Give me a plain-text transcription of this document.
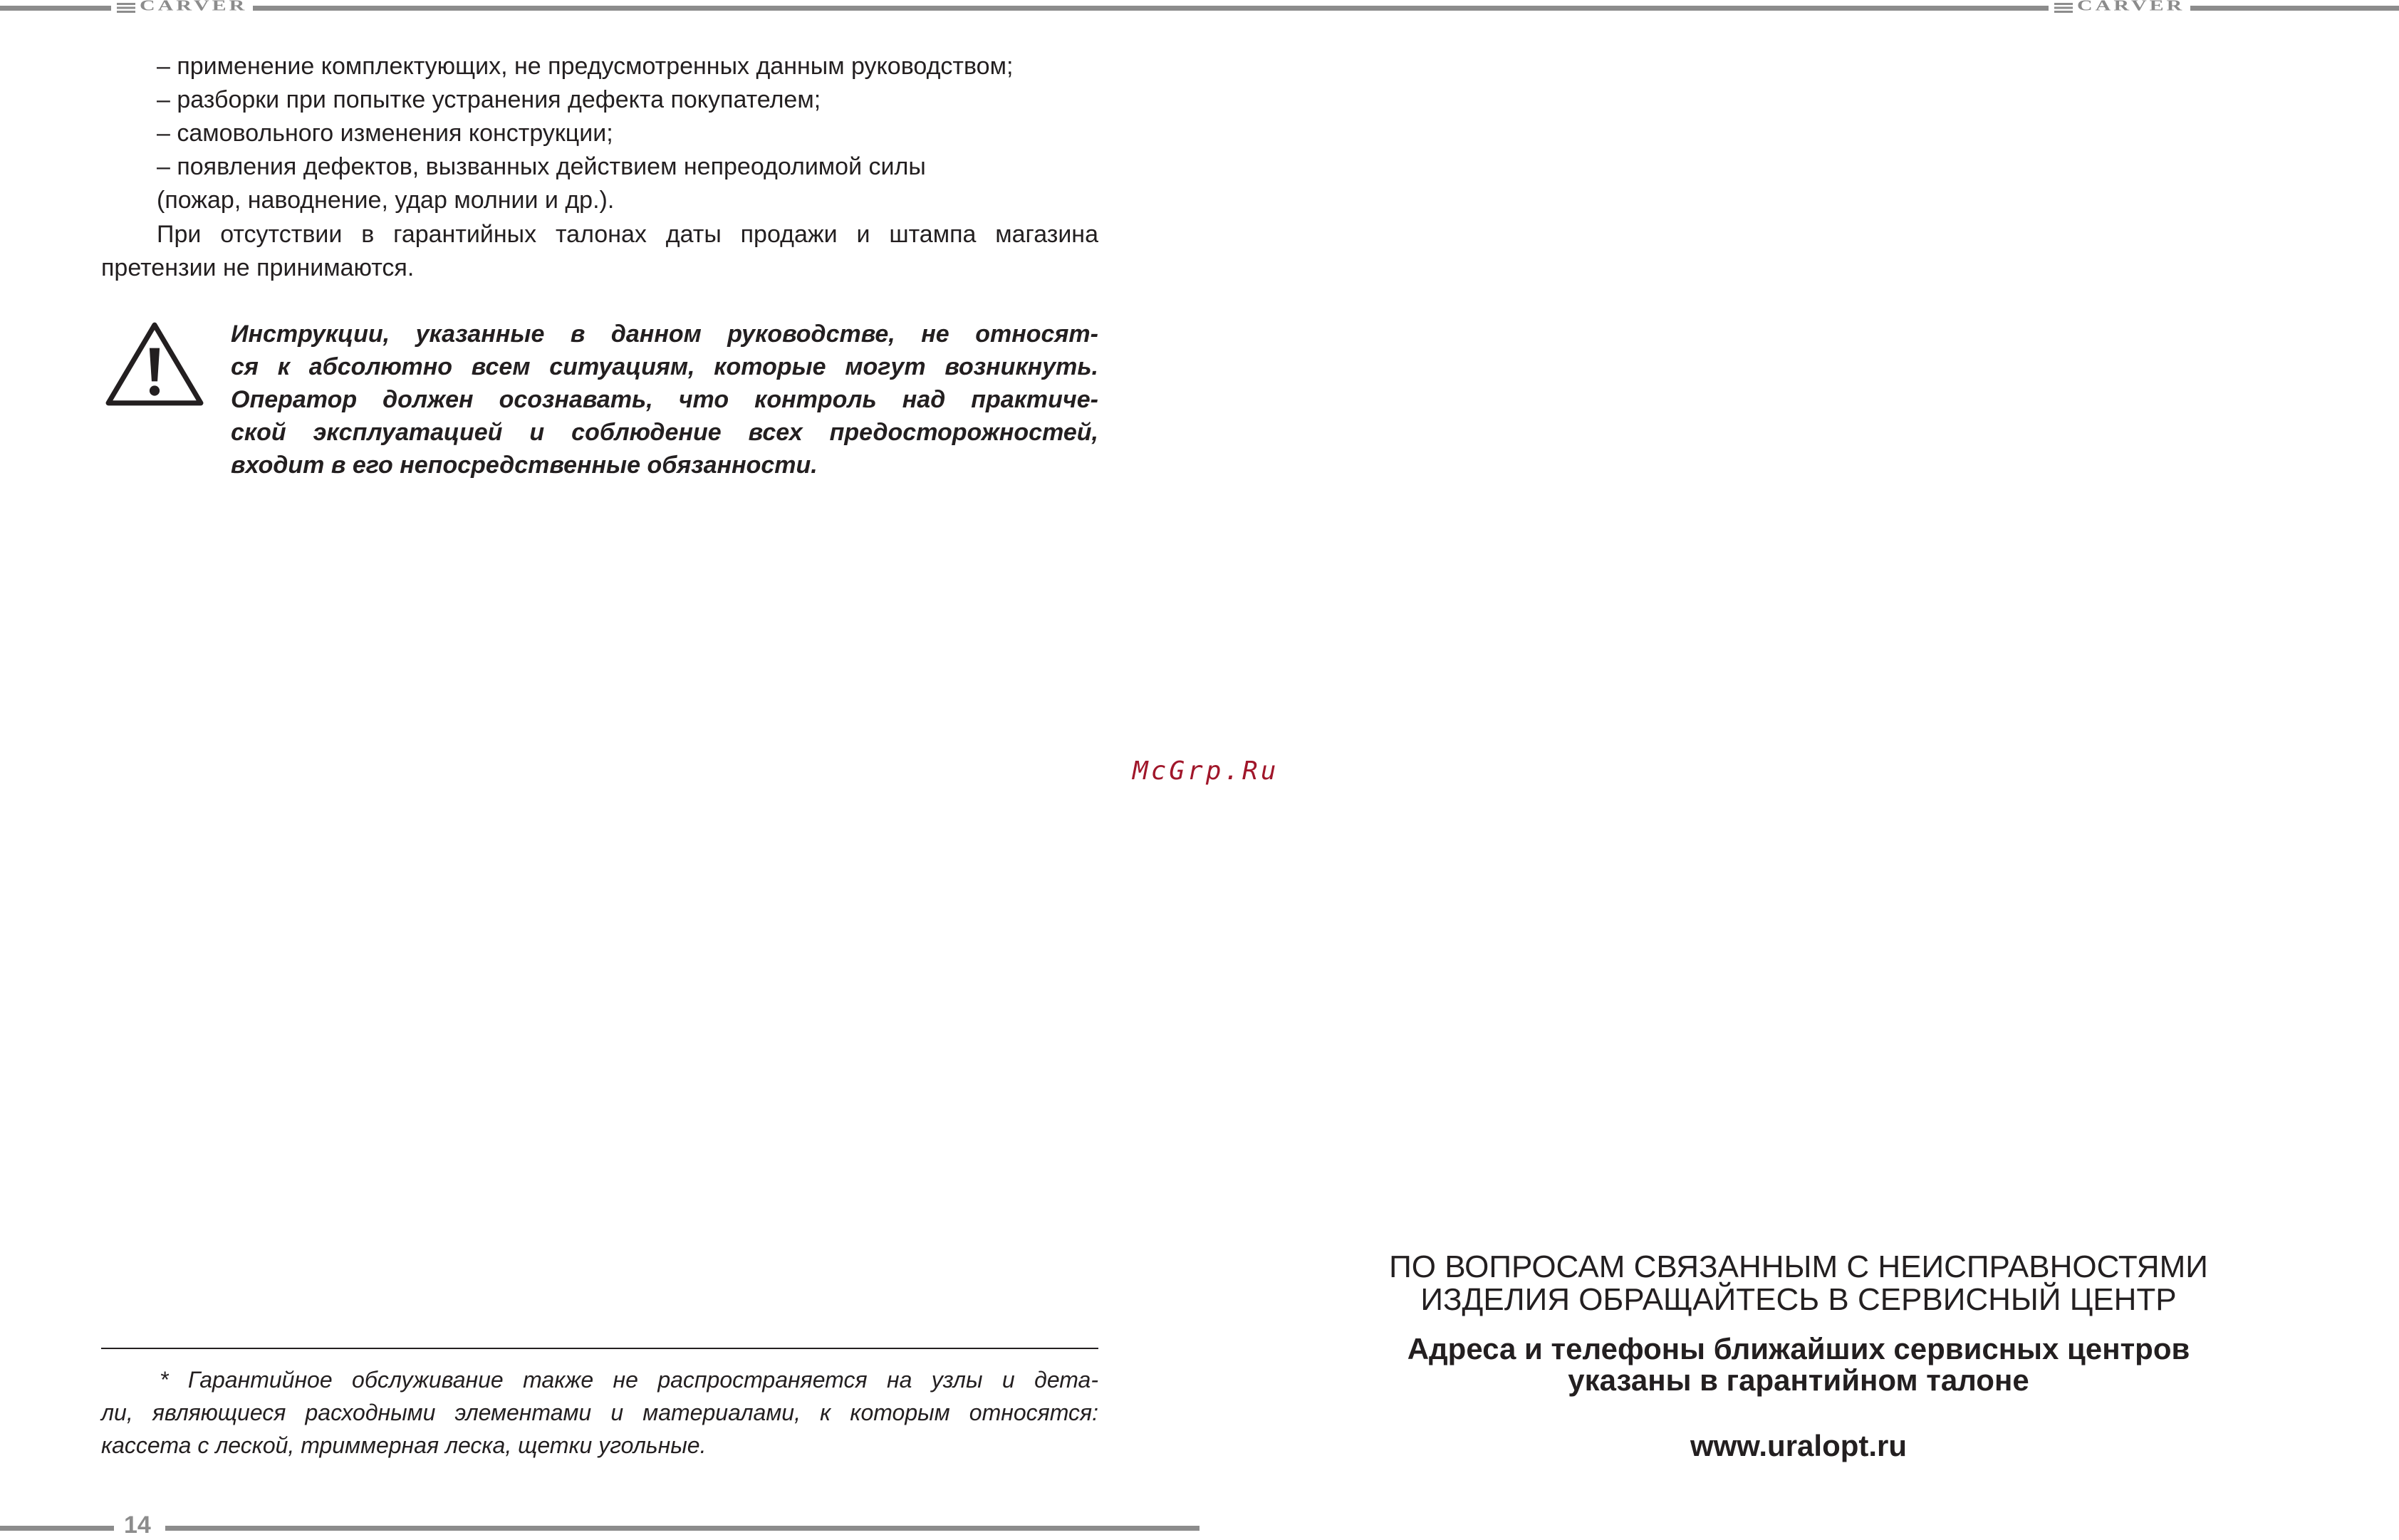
CARVER	CARVER
– применение комплектующих, не предусмотренных данным руководством;
– разборки при попытке устранения дефекта покупателем;
– самовольного изменения конструкции;
– появления дефектов, вызванных действием непреодолимой силы
(пожар, наводнение, удар молнии и др.).
При отсутствии в гарантийных талонах даты продажи и штампа магазина
претензии не принимаются.
Инструкции, указанные в данном руководстве, не относят-
ся к абсолютно всем ситуациям, которые могут возникнуть.
Оператор должен осознавать, что контроль над практиче-
ской эксплуатацией и соблюдение всех предосторожностей,
входит в его непосредственные обязанности.
McGrp.Ru
* Гарантийное обслуживание также не распространяется на узлы и дета-
ли, являющиеся расходными элементами и материалами, к которым относятся:
кассета с леской, триммерная леска, щетки угольные.
14
ПО ВОПРОСАМ СВЯЗАННЫМ С НЕИСПРАВНОСТЯМИ
ИЗДЕЛИЯ ОБРАЩАЙТЕСЬ В СЕРВИСНЫЙ ЦЕНТР
Адреса и телефоны ближайших сервисных центров
указаны в гарантийном талоне
www.uralopt.ru
